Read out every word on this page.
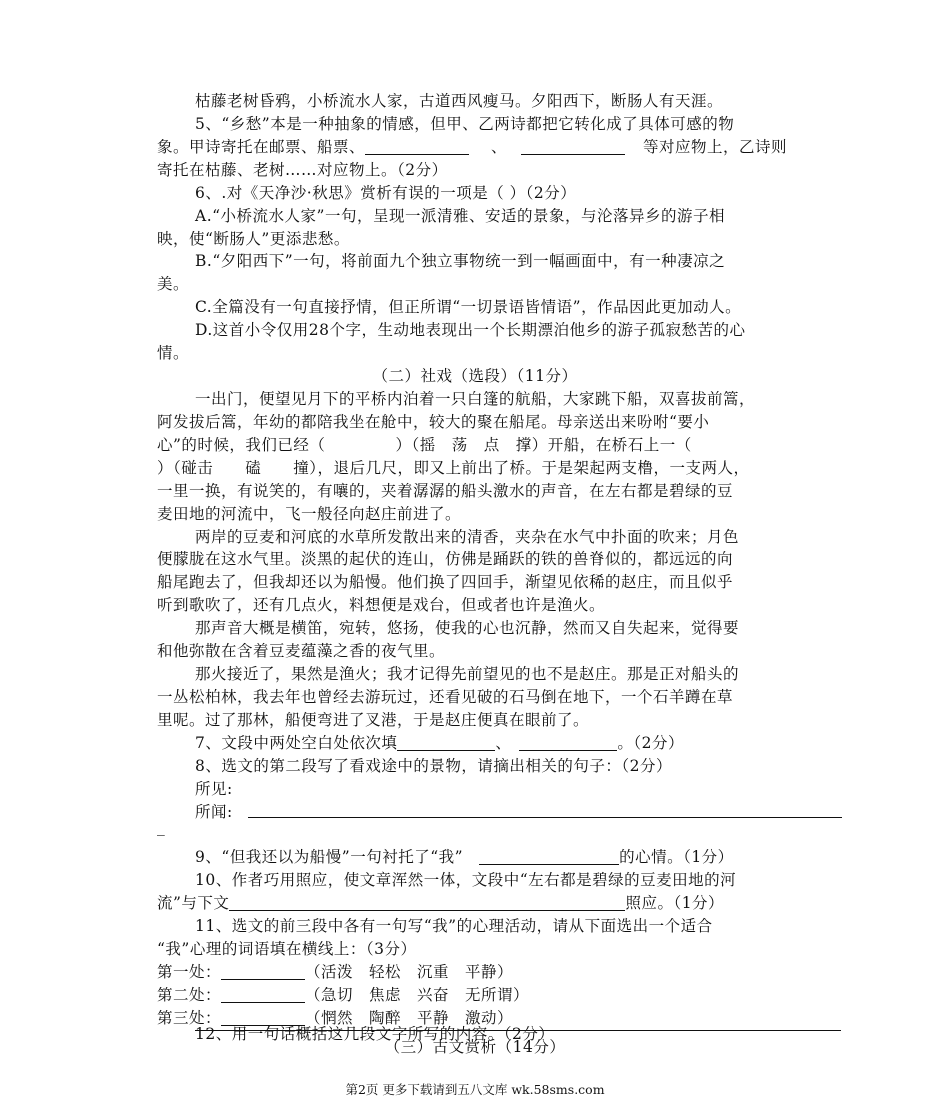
枯藤老树昏鸦，小桥流水人家，古道西风瘦马。夕阳西下，断肠人有天涯。
5、“乡愁”本是一种抽象的情感，但甲、乙两诗都把它转化成了具体可感的物
象。甲诗寄托在邮票、船票、	、	等对应物上，乙诗则
寄托在枯藤、老树……对应物上。（2分）
6、.对《天净沙·秋思》赏析有误的一项是（ ）（2分）
A.“小桥流水人家”一句，呈现一派清雅、安适的景象，与沦落异乡的游子相
映，使“断肠人”更添悲愁。
B.“夕阳西下”一句，将前面九个独立事物统一到一幅画面中，有一种凄凉之
美。
C.全篇没有一句直接抒情，但正所谓“一切景语皆情语”，作品因此更加动人。
D.这首小令仅用28个字，生动地表现出一个长期漂泊他乡的游子孤寂愁苦的心
情。
（二）社戏（选段）（11分）
一出门，便望见月下的平桥内泊着一只白篷的航船，大家跳下船，双喜拔前篙，
阿发拔后篙，年幼的都陪我坐在舱中，较大的聚在船尾。母亲送出来吩咐“要小
心”的时候，我们已经（	）（摇　荡　点　撑）开船，在桥石上一（
）（碰击　　磕　　撞），退后几尺，即又上前出了桥。于是架起两支橹，一支两人，
一里一换，有说笑的，有嚷的，夹着潺潺的船头激水的声音，在左右都是碧绿的豆
麦田地的河流中，飞一般径向赵庄前进了。
两岸的豆麦和河底的水草所发散出来的清香，夹杂在水气中扑面的吹来；月色
便朦胧在这水气里。淡黑的起伏的连山，仿佛是踊跃的铁的兽脊似的，都远远的向
船尾跑去了，但我却还以为船慢。他们换了四回手，渐望见依稀的赵庄，而且似乎
听到歌吹了，还有几点火，料想便是戏台，但或者也许是渔火。
那声音大概是横笛，宛转，悠扬，使我的心也沉静，然而又自失起来，觉得要
和他弥散在含着豆麦蕴藻之香的夜气里。
那火接近了，果然是渔火；我才记得先前望见的也不是赵庄。那是正对船头的
一丛松柏林，我去年也曾经去游玩过，还看见破的石马倒在地下，一个石羊蹲在草
里呢。过了那林，船便弯进了叉港，于是赵庄便真在眼前了。
7、文段中两处空白处依次填	、	。（2分）
8、选文的第二段写了看戏途中的景物，请摘出相关的句子：（2分）
所见:
所闻:
_
9、“但我还以为船慢”一句衬托了“我”	的心情。（1分）
10、作者巧用照应，使文章浑然一体，文段中“左右都是碧绿的豆麦田地的河
流”与下文	照应。（1分）
11、选文的前三段中各有一句写“我”的心理活动，请从下面选出一个适合
“我”心理的词语填在横线上：（3分）
第一处：	（活泼　轻松　沉重　平静）
第二处：	（急切　焦虑　兴奋　无所谓）
第三处：	（惘然　陶醉　平静　激动）
12、用一句话概括这几段文字所写的内容。（2分）
（三）古文赏析（14分）
第2页 更多下载请到五八文库 wk.58sms.com
